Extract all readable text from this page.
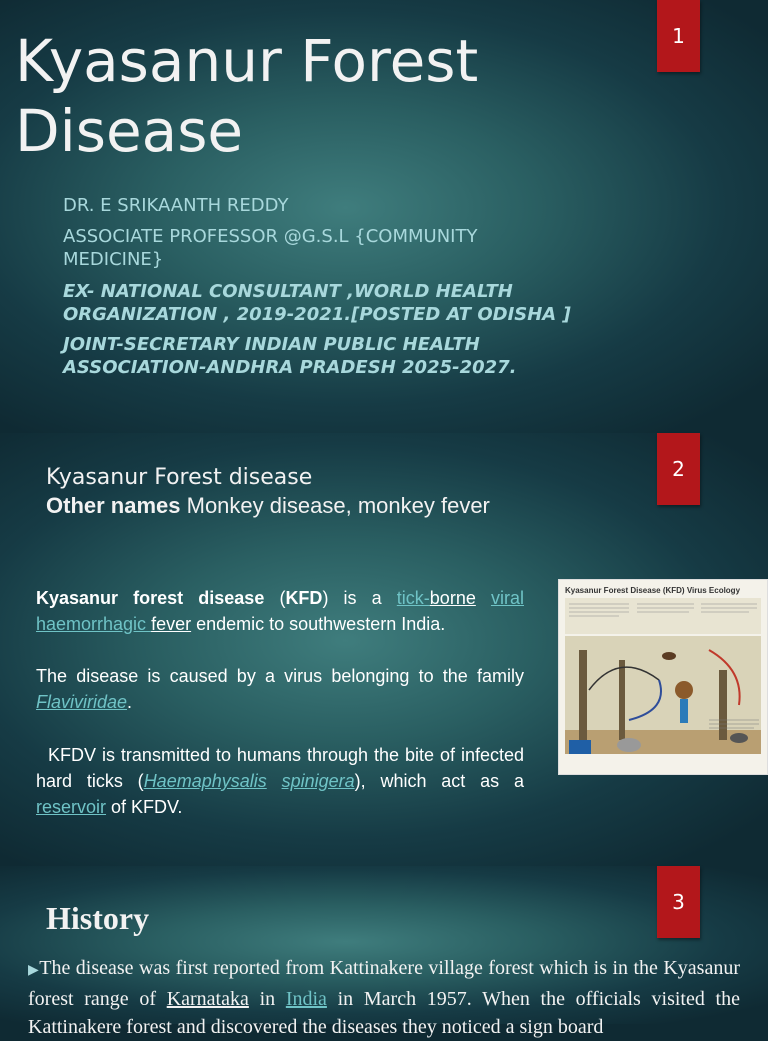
1
Kyasanur Forest
Disease
DR. E SRIKAANTH REDDY
ASSOCIATE PROFESSOR @G.S.L {COMMUNITY MEDICINE}
EX- NATIONAL CONSULTANT ,WORLD HEALTH ORGANIZATION , 2019-2021.[POSTED AT ODISHA ]
JOINT-SECRETARY INDIAN PUBLIC HEALTH ASSOCIATION-ANDHRA PRADESH 2025-2027.
2
Kyasanur Forest disease
Other names Monkey disease, monkey fever

Kyasanur forest disease (KFD) is a tick-borne viral haemorrhagic fever endemic to southwestern India.

The disease is caused by a virus belonging to the family Flaviviridae.

KFDV is transmitted to humans through the bite of infected hard ticks (Haemaphysalis spinigera), which act as a reservoir of KFDV.

Kyasanur Forest Disease (KFD) Virus Ecology
3
History

▶The disease was first reported from Kattinakere village forest which is in the Kyasanur forest range of Karnataka in India in March 1957. When the officials visited the Kattinakere forest and discovered the diseases they noticed a sign board
